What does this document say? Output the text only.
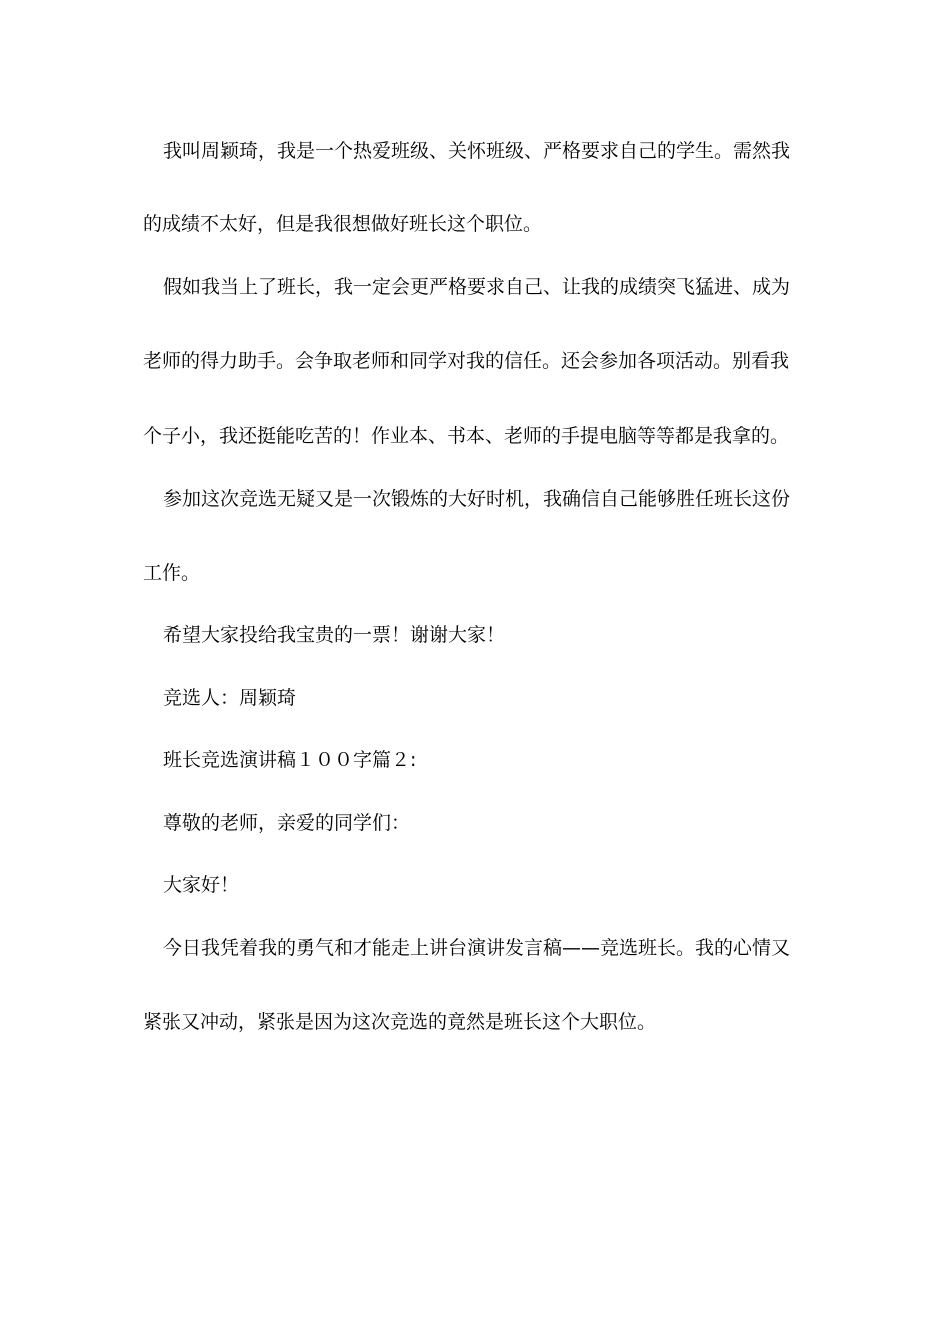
我叫周颖琦，我是一个热爱班级、关怀班级、严格要求自己的学生。需然我
的成绩不太好，但是我很想做好班长这个职位。
假如我当上了班长，我一定会更严格要求自己、让我的成绩突飞猛进、成为
老师的得力助手。会争取老师和同学对我的信任。还会参加各项活动。别看我
个子小，我还挺能吃苦的！作业本、书本、老师的手提电脑等等都是我拿的。
参加这次竞选无疑又是一次锻炼的大好时机，我确信自己能够胜任班长这份
工作。
希望大家投给我宝贵的一票！谢谢大家！
竞选人：周颖琦
班长竞选演讲稿１００字篇２:
尊敬的老师，亲爱的同学们：
大家好！
今日我凭着我的勇气和才能走上讲台演讲发言稿——竞选班长。我的心情又
紧张又冲动，紧张是因为这次竞选的竟然是班长这个大职位。
